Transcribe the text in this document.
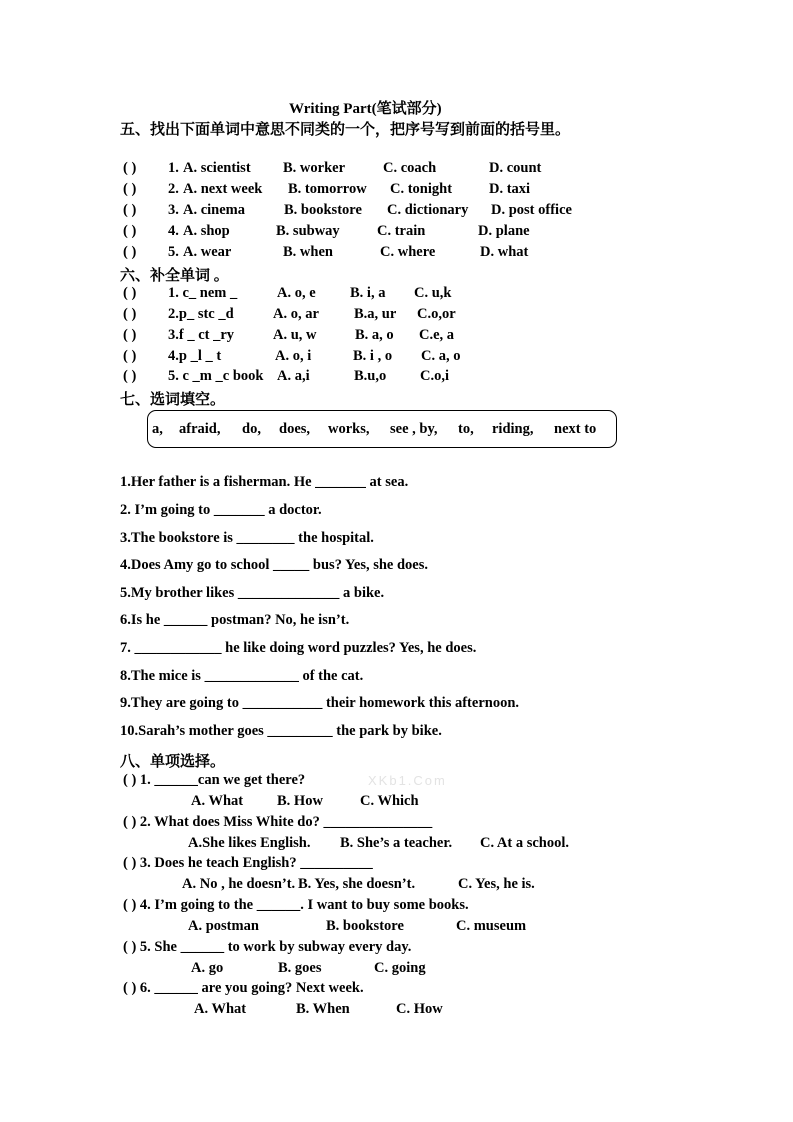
Writing Part(笔试部分)
五、找出下面单词中意思不同类的一个，把序号写到前面的括号里。
( ) 1. A. scientist B. worker	C. coach	D. count
( ) 2. A. next week B. tomorrow C. tonight	D. taxi
( ) 3. A. cinema	B. bookstore C. dictionary D. post office
( ) 4. A. shop	B. subway	C. train	D. plane
( ) 5. A. wear	B. when	C. where	D. what
六、补全单词 。
( ) 1. c_ nem _	A. o, e B. i, a C. u,k
( ) 2.p_ stc _d	A. o, ar B.a, ur C.o,or
( ) 3.f _ ct _ry	A. u, w	B. a, o C.e, a
( ) 4.p _l _ t	A. o, i	B. i , o C. a, o
( ) 5. c _m _c book A. a,i	B.u,o C.o,i
七、选词填空。
a, afraid, do, does, works, see , by, to, riding, next to
1.Her father is a fisherman. He _______ at sea.
2. I’m going to _______ a doctor.
3.The bookstore is ________ the hospital.
4.Does Amy go to school _____ bus? Yes, she does.
5.My brother likes ______________ a bike.
6.Is he ______ postman? No, he isn’t.
7. ____________ he like doing word puzzles? Yes, he does.
8.The mice is _____________ of the cat.
9.They are going to ___________ their homework this afternoon.
10.Sarah’s mother goes _________ the park by bike.
八、单项选择。
( ) 1. ______can we get there?
A. What B. How	C. Which
( ) 2. What does Miss White do? _______________
A.She likes English. B. She’s a teacher. C. At a school.
( ) 3. Does he teach English? __________
A. No , he doesn’t. B. Yes, she doesn’t.	C. Yes, he is.
( ) 4. I’m going to the ______. I want to buy some books.
A. postman	B. bookstore	C. museum
( ) 5. She ______ to work by subway every day.
A. go	B. goes	C. going
( ) 6. ______ are you going? Next week.
A. What	B. When	C. How
XKb1.Com
